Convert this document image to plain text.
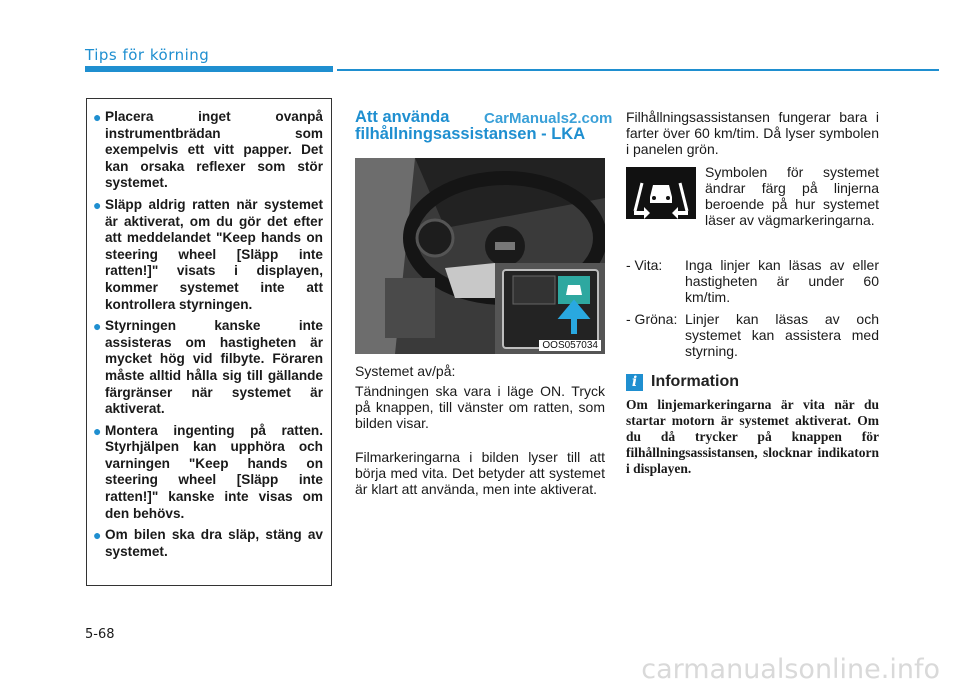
Tips för körning
● Placera inget ovanpå instrumentbrädan som exempelvis ett vitt papper. Det kan orsaka reflexer som stör systemet.
● Släpp aldrig ratten när systemet är aktiverat, om du gör det efter att meddelandet "Keep hands on steering wheel [Släpp inte ratten!]" visats i displayen, kommer systemet inte att kontrollera styrningen.
● Styrningen kanske inte assisteras om hastigheten är mycket hög vid filbyte. Föraren måste alltid hålla sig till gällande färgränser när systemet är aktiverat.
● Montera ingenting på ratten. Styrhjälpen kan upphöra och varningen "Keep hands on steering wheel [Släpp inte ratten!]" kanske inte visas om den behövs.
● Om bilen ska dra släp, stäng av systemet.
Att använda filhållningsassistansen - LKA
CarManuals2.com
OOS057034

Systemet av/på:

Tändningen ska vara i läge ON. Tryck på knappen, till vänster om ratten, som bilden visar.

Filmarkeringarna i bilden lyser till att börja med vita. Det betyder att systemet är klart att använda, men inte aktiverat.

Filhållningsassistansen fungerar bara i farter över 60 km/tim. Då lyser symbolen i panelen grön.

Symbolen för systemet ändrar färg på linjerna beroende på hur systemet läser av vägmarkeringarna.
- Vita: Inga linjer kan läsas av eller hastigheten är under 60 km/tim.
- Gröna: Linjer kan läsas av och systemet kan assistera med styrning.
i Information
Om linjemarkeringarna är vita när du startar motorn är systemet aktiverat. Om du då trycker på knappen för filhållningsassistansen, slocknar indikatorn i displayen.
5-68
carmanualsonline.info
